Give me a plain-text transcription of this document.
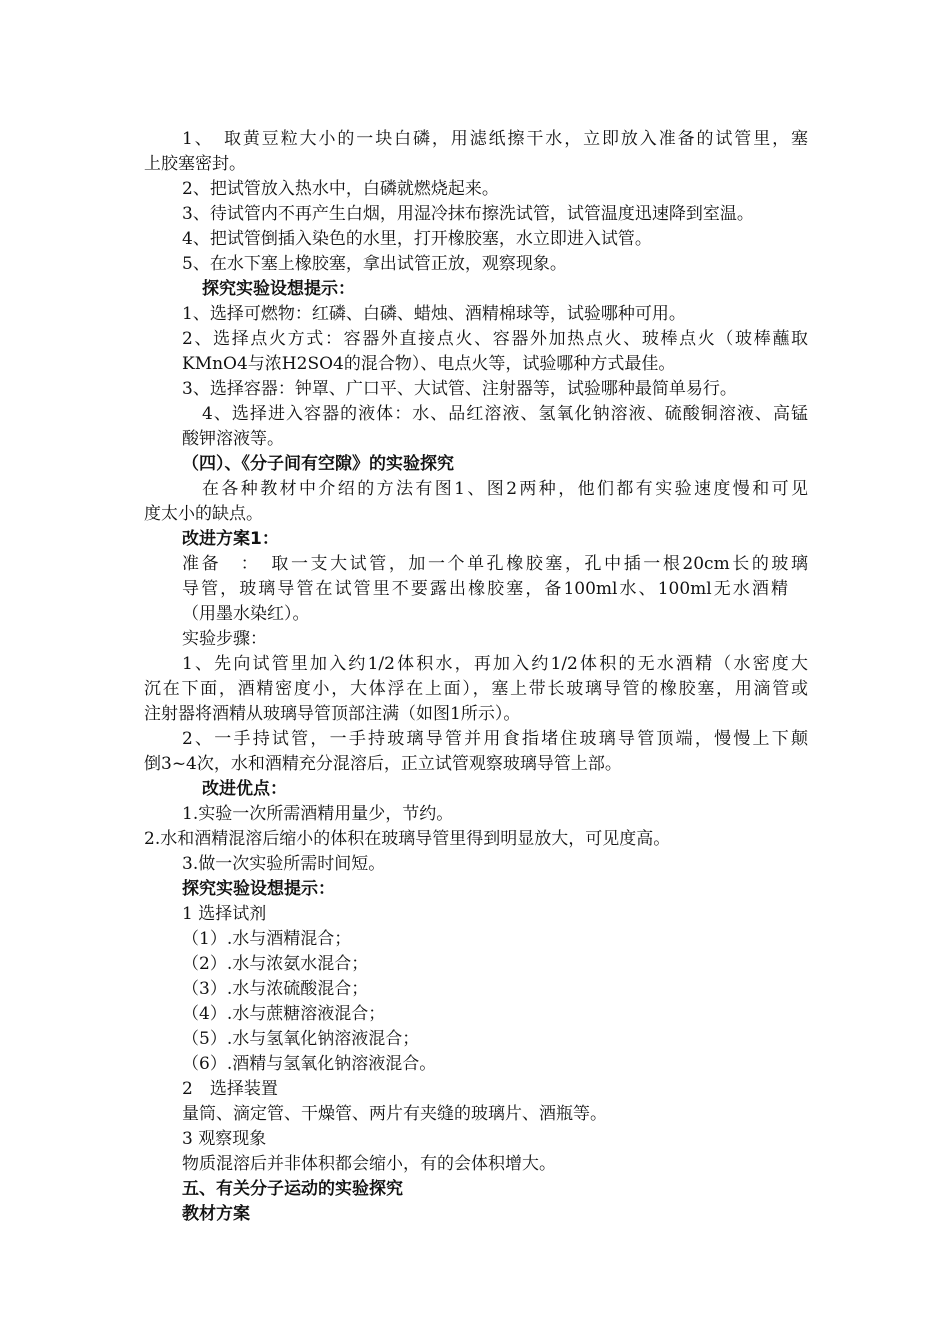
1、　取黄豆粒大小的一块白磷，用滤纸擦干水，立即放入准备的试管里，塞
上胶塞密封。
2、把试管放入热水中，白磷就燃烧起来。
3、待试管内不再产生白烟，用湿冷抹布擦洗试管，试管温度迅速降到室温。
4、把试管倒插入染色的水里，打开橡胶塞，水立即进入试管。
5、在水下塞上橡胶塞，拿出试管正放，观察现象。
探究实验设想提示：
1、选择可燃物：红磷、白磷、蜡烛、酒精棉球等，试验哪种可用。
2、选择点火方式：容器外直接点火、容器外加热点火、玻棒点火（玻棒蘸取
KMnO4与浓H2SO4的混合物）、电点火等，试验哪种方式最佳。
3、选择容器：钟罩、广口平、大试管、注射器等，试验哪种最简单易行。
4、选择进入容器的液体：水、品红溶液、氢氧化钠溶液、硫酸铜溶液、高锰
酸钾溶液等。
（四）、《分子间有空隙》的实验探究
在各种教材中介绍的方法有图1、图2两种，他们都有实验速度慢和可见
度太小的缺点。
改进方案1：
准备　：　取一支大试管，加一个单孔橡胶塞，孔中插一根20cm长的玻璃
导管，玻璃导管在试管里不要露出橡胶塞，备100ml水、100ml无水酒精
（用墨水染红）。
实验步骤：
1、先向试管里加入约1/2体积水，再加入约1/2体积的无水酒精（水密度大
沉在下面，酒精密度小，大体浮在上面），塞上带长玻璃导管的橡胶塞，用滴管或
注射器将酒精从玻璃导管顶部注满（如图1所示）。
2、一手持试管，一手持玻璃导管并用食指堵住玻璃导管顶端，慢慢上下颠
倒3~4次，水和酒精充分混溶后，正立试管观察玻璃导管上部。
改进优点：
1.实验一次所需酒精用量少，节约。
2.水和酒精混溶后缩小的体积在玻璃导管里得到明显放大，可见度高。
3.做一次实验所需时间短。
探究实验设想提示：
1 选择试剂
（1）.水与酒精混合；
（2）.水与浓氨水混合；
（3）.水与浓硫酸混合；
（4）.水与蔗糖溶液混合；
（5）.水与氢氧化钠溶液混合；
（6）.酒精与氢氧化钠溶液混合。
2　选择装置
量筒、滴定管、干燥管、两片有夹缝的玻璃片、酒瓶等。
3 观察现象
物质混溶后并非体积都会缩小，有的会体积增大。
五、有关分子运动的实验探究
教材方案
